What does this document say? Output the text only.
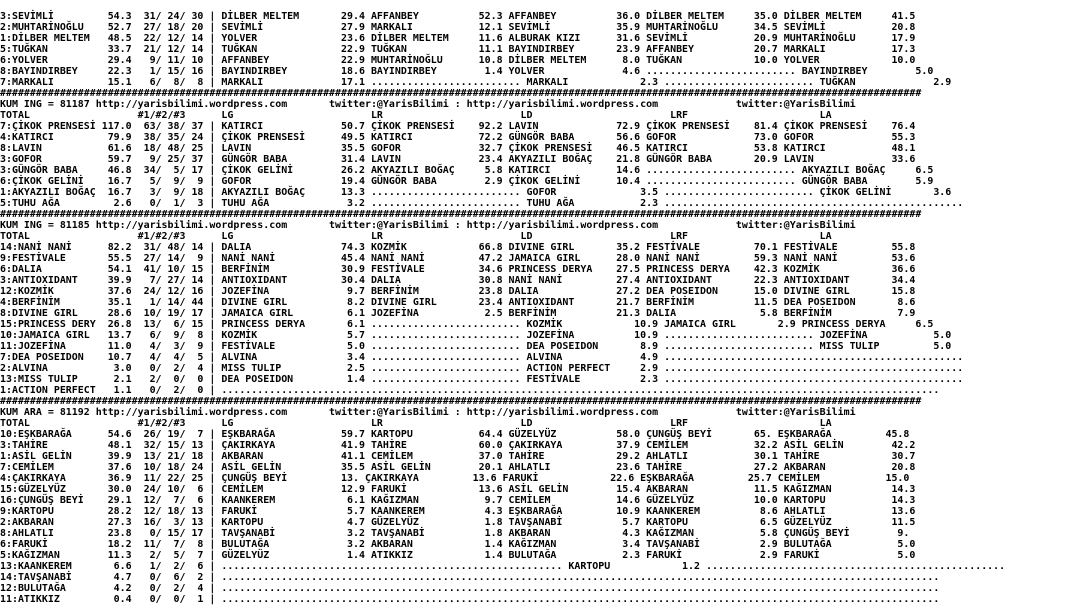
3:SEVİMLİ         54.3  31/ 24/ 30 | DİLBER MELTEM       29.4 AFFANBEY          52.3 AFFANBEY          36.0 DİLBER MELTEM     35.0 DİLBER MELTEM     41.5
2:MUHTARİNOĞLU    52.7  27/ 18/ 20 | SEVİMLİ             27.9 MARKALI           12.1 SEVİMLİ           35.9 MUHTARİNOĞLU      34.5 SEVİMLİ           20.8
1:DİLBER MELTEM   48.5  22/ 12/ 14 | YOLVER              23.6 DİLBER MELTEM     11.6 ALBURAK KIZI      31.6 SEVİMLİ           20.9 MUHTARİNOĞLU      17.9
5:TUĞKAN          33.7  21/ 12/ 14 | TUĞKAN              22.9 TUĞKAN            11.1 BAYINDIRBEY       23.9 AFFANBEY          20.7 MARKALI           17.3
6:YOLVER          29.4   9/ 11/ 10 | AFFANBEY            22.9 MUHTARİNOĞLU      10.8 DİLBER MELTEM      8.0 TUĞKAN            10.0 YOLVER            10.0
8:BAYINDIRBEY     22.3   1/ 15/ 16 | BAYINDIRBEY         18.6 BAYINDIRBEY        1.4 YOLVER             4.6 ......................... BAYINDIRBEY        5.0
7:MARKALI         15.1   6/  8/  8 | MARKALI             17.1 ......................... MARKALI            2.3 ......................... TUĞKAN             2.9
##########################################################################################################################################################
KUM ING = 81187 http://yarisbilimi.wordpress.com       twitter:@YarisBilimi : http://yarisbilimi.wordpress.com             twitter:@YarisBilimi
TOTAL                  #1/#2/#3      LG                       LR                       LD                       LRF                      LA
7:ÇİKOK PRENSESİ 117.0  63/ 38/ 37 | KATIRCI             50.7 ÇİKOK PRENSESİ    92.2 LAVIN             72.9 ÇİKOK PRENSESİ    81.4 ÇİKOK PRENSESİ    76.4
4:KATIRCI         79.9  38/ 35/ 24 | ÇİKOK PRENSESİ      49.5 KATIRCI           72.2 GÜNGÖR BABA       56.6 GOFOR             73.0 GOFOR             55.3
8:LAVIN           61.6  18/ 48/ 25 | LAVIN               35.5 GOFOR             32.7 ÇİKOK PRENSESİ    46.5 KATIRCI           53.8 KATIRCI           48.1
3:GOFOR           59.7   9/ 25/ 37 | GÜNGÖR BABA         31.4 LAVIN             23.4 AKYAZILI BOĞAÇ    21.8 GÜNGÖR BABA       20.9 LAVIN             33.6
3:GÜNGÖR BABA     46.8  34/  5/ 17 | ÇİKOK GELİNİ        26.2 AKYAZILI BOĞAÇ     5.8 KATIRCI           14.6 ......................... AKYAZILI BOĞAÇ     6.5
6:ÇİKOK GELİNİ    16.7   5/  9/  9 | GOFOR               19.4 GÜNGÖR BABA        2.9 ÇİKOK GELİNİ      10.4 ......................... GÜNGÖR BABA        5.9
1:AKYAZILI BOĞAÇ  16.7   3/  9/ 18 | AKYAZILI BOĞAÇ      13.3 ......................... GOFOR              3.5 ......................... ÇİKOK GELİNİ       3.6
5:TUHU AĞA         2.6   0/  1/  3 | TUHU AĞA             3.2 ......................... TUHU AĞA           2.3 ..................................................
##########################################################################################################################################################
KUM ING = 81185 http://yarisbilimi.wordpress.com       twitter:@YarisBilimi : http://yarisbilimi.wordpress.com             twitter:@YarisBilimi
TOTAL                  #1/#2/#3      LG                       LR                       LD                       LRF                      LA
14:NANİ NANİ      82.2  31/ 48/ 14 | DALIA               74.3 KOZMİK            66.8 DIVINE GIRL       35.2 FESTİVALE         70.1 FESTİVALE         55.8
9:FESTİVALE       55.5  27/ 14/  9 | NANİ NANİ           45.4 NANİ NANİ         47.2 JAMAICA GIRL      28.0 NANİ NANİ         59.3 NANİ NANİ         53.6
6:DALIA           54.1  41/ 10/ 15 | BERFİNİM            30.9 FESTİVALE         34.6 PRINCESS DERYA    27.5 PRINCESS DERYA    42.3 KOZMİK            36.6
3:ANTIOXIDANT     39.9   7/ 27/ 14 | ANTIOXIDANT         30.4 DALIA             30.8 NANİ NANİ         27.4 ANTIOXIDANT       22.3 ANTIOXIDANT       34.4
12:KOZMİK         37.6  24/ 12/ 16 | JOZEFİNA             9.7 BERFİNİM          23.8 DALIA             27.2 DEA POSEIDON      15.0 DIVINE GIRL       15.8
4:BERFİNİM        35.1   1/ 14/ 44 | DIVINE GIRL          8.2 DIVINE GIRL       23.4 ANTIOXIDANT       21.7 BERFİNİM          11.5 DEA POSEIDON       8.6
8:DIVINE GIRL     28.6  10/ 19/ 17 | JAMAICA GIRL         6.1 JOZEFİNA           2.5 BERFİNİM          21.3 DALIA              5.8 BERFİNİM           7.9
15:PRINCESS DERY  26.8  13/  6/ 15 | PRINCESS DERYA       6.1 ......................... KOZMİK            10.9 JAMAICA GIRL       2.9 PRINCESS DERYA     6.5
10:JAMAICA GIRL   13.7   6/  9/  8 | KOZMİK               5.7 ......................... JOZEFİNA          10.9 ......................... JOZEFİNA           5.0
11:JOZEFİNA       11.0   4/  3/  9 | FESTİVALE            5.0 ......................... DEA POSEIDON       8.9 ......................... MISS TULIP         5.0
7:DEA POSEIDON    10.7   4/  4/  5 | ALVINA               3.4 ......................... ALVINA             4.9 ..................................................
2:ALVINA           3.0   0/  2/  4 | MISS TULIP           2.5 ......................... ACTION PERFECT     2.9 ..................................................
13:MISS TULIP      2.1   2/  0/  0 | DEA POSEIDON         1.4 ......................... FESTİVALE          2.3 ..................................................
1:ACTION PERFECT   1.1   0/  2/  0 | ........................................................................................................................
##########################################################################################################################################################
KUM ARA = 81192 http://yarisbilimi.wordpress.com       twitter:@YarisBilimi : http://yarisbilimi.wordpress.com             twitter:@YarisBilimi
TOTAL                  #1/#2/#3      LG                       LR                       LD                       LRF                      LA
10:EŞKBARAĞA      54.6  26/ 19/  7 | EŞKBARAĞA           59.7 KARTOPU           64.4 GÜZELYÜZ          58.0 ÇUNGÜŞ BEYİ       65. EŞKBARAĞA         45.8
3:TAHİRE          48.1  32/ 15/ 13 | ÇAKIRKAYA           41.9 TAHİRE            60.0 ÇAKIRKAYA         37.9 CEMİLEM           32.2 ASİL GELİN        42.2
1:ASİL GELİN      39.9  13/ 21/ 18 | AKBARAN             41.1 CEMİLEM           37.0 TAHİRE            29.2 AHLATLI           30.1 TAHİRE            30.7
7:CEMİLEM         37.6  10/ 18/ 24 | ASİL GELİN          35.5 ASİL GELİN        20.1 AHLATLI           23.6 TAHİRE            27.2 AKBARAN           20.8
4:ÇAKIRKAYA       36.9  11/ 22/ 25 | ÇUNGÜŞ BEYİ         13. ÇAKIRKAYA         13.6 FARUKİ            22.6 EŞKBARAĞA         25.7 CEMİLEM           15.0
15:GÜZELYÜZ       30.0  24/ 10/  6 | CEMİLEM             12.9 FARUKİ            13.6 ASİL GELİN        15.4 AKBARAN           11.5 KAĞIZMAN          14.3
16:ÇUNGÜŞ BEYİ    29.1  12/  7/  6 | KAANKEREM            6.1 KAĞIZMAN           9.7 CEMİLEM           14.6 GÜZELYÜZ          10.0 KARTOPU           14.3
9:KARTOPU         28.2  12/ 18/ 13 | FARUKİ               5.7 KAANKEREM          4.3 EŞKBARAĞA         10.9 KAANKEREM          8.6 AHLATLI           13.6
2:AKBARAN         27.3  16/  3/ 13 | KARTOPU              4.7 GÜZELYÜZ           1.8 TAVŞANABİ          5.7 KARTOPU            6.5 GÜZELYÜZ          11.5
8:AHLATLI         23.8   0/ 15/ 17 | TAVŞANABİ            3.2 TAVŞANABİ          1.8 AKBARAN            4.3 KAĞIZMAN           5.8 ÇUNGÜŞ BEYİ        9.
6:FARUKİ          18.2  11/  7/  8 | BULUTAĞA             3.2 AKBARAN            1.4 KAĞIZMAN           3.4 TAVŞANABİ          2.9 BULUTAĞA           5.0
5:KAĞIZMAN        11.3   2/  5/  7 | GÜZELYÜZ             1.4 ATIKKIZ            1.4 BULUTAĞA           2.3 FARUKİ             2.9 FARUKİ             5.0
13:KAANKEREM       6.6   1/  2/  6 | ......................................................... KARTOPU            1.2 ..................................................
14:TAVŞANABİ       4.7   0/  6/  2 | ........................................................................................................................
12:BULUTAĞA        4.2   0/  2/  4 | ........................................................................................................................
11:ATIKKIZ         0.4   0/  0/  1 | ........................................................................................................................
